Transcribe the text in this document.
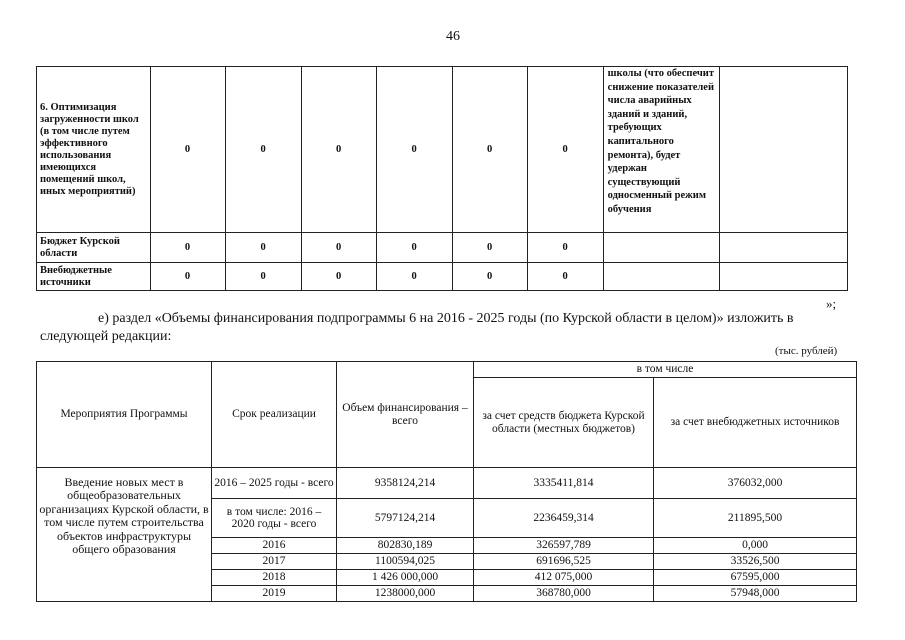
46
6. Оптимизация загруженности школ (в том числе путем эффективного использования имеющихся помещений школ, иных мероприятий)	0	0	0	0	0	0	школы (что обеспечит снижение показателей числа аварийных зданий и зданий, требующих капитального ремонта), будет удержан существующий односменный режим обучения	
Бюджет Курской области	0	0	0	0	0	0		
Внебюджетные источники	0	0	0	0	0	0		
»;
е) раздел «Объемы финансирования подпрограммы 6 на 2016 - 2025 годы (по Курской области в целом)» изложить в следующей редакции:
(тыс. рублей)
Мероприятия Программы	Срок реализации	Объем финансирования – всего	в том числе	
			за счет средств бюджета Курской области (местных бюджетов)	за счет внебюджетных источников
Введение новых мест в общеобразовательных организациях Курской области, в том числе путем строительства объектов инфраструктуры общего образования	2016 – 2025 годы - всего	9358124,214	3335411,814	376032,000
	в том числе: 2016 – 2020 годы - всего	5797124,214	2236459,314	211895,500
	2016	802830,189	326597,789	0,000
	2017	1100594,025	691696,525	33526,500
	2018	1 426 000,000	412 075,000	67595,000
	2019	1238000,000	368780,000	57948,000
